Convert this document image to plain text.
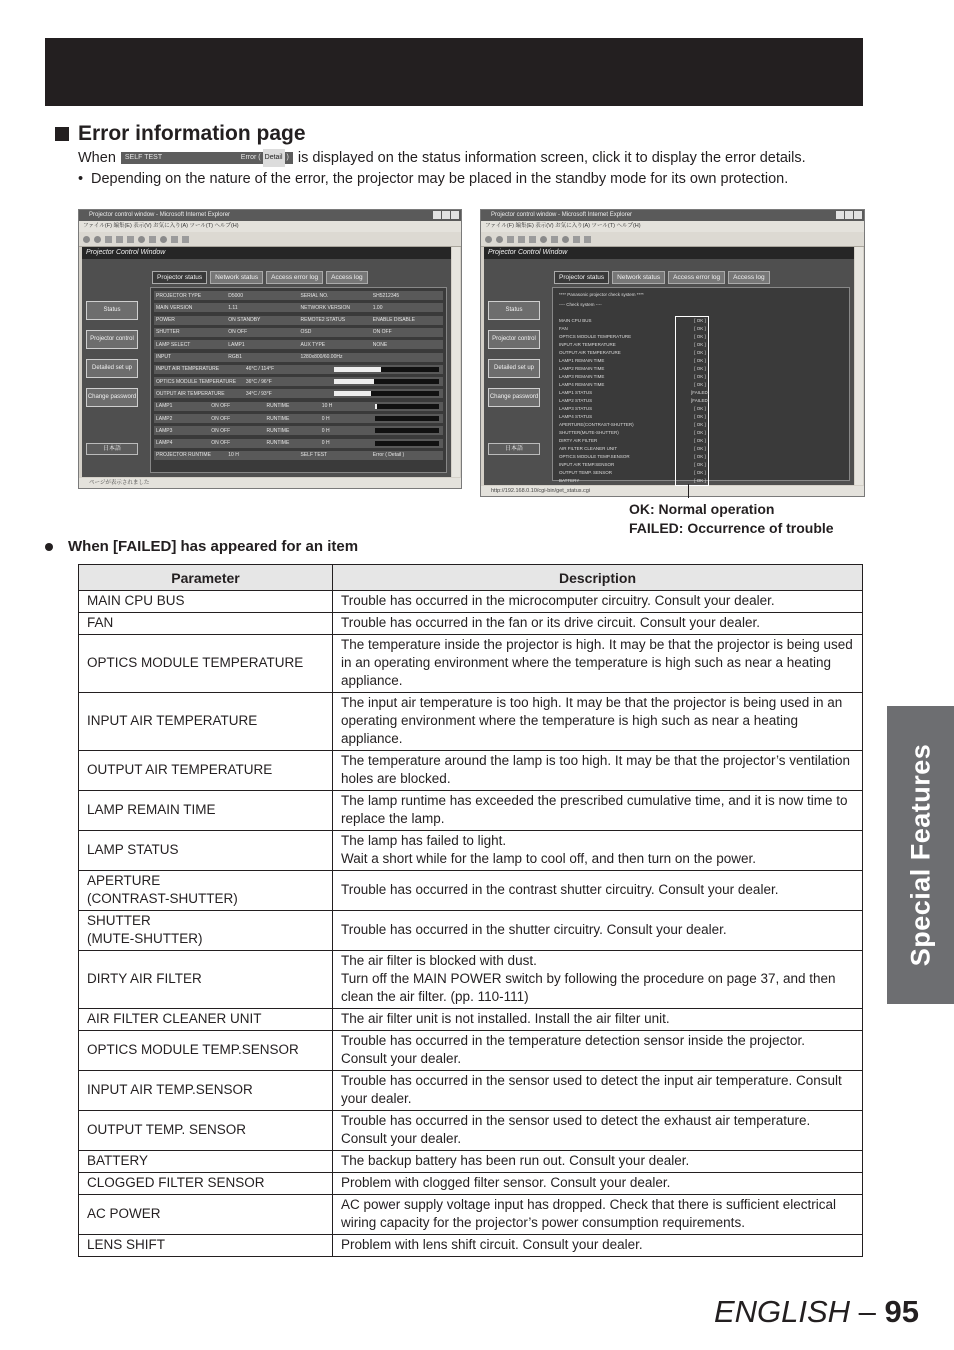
Error information page
When SELF TEST	Error ( Detail ) is displayed on the status information screen, click it to display the error details.
• Depending on the nature of the error, the projector may be placed in the standby mode for its own protection.
Projector control window - Microsoft Internet Explorer
ファイル(F) 編集(E) 表示(V) お気に入り(A) ツール(T) ヘルプ(H)
Projector Control Window
Projector status	Network status	Access error log	Access log
Status
Projector control
Detailed set up
Change password
日本語
PROJECTOR TYPE	D5000	SERIAL NO.	SH5212345
MAIN VERSION	1.11	NETWORK VERSION	1.00
POWER	ON STANDBY	REMOTE2 STATUS	ENABLE DISABLE
SHUTTER	ON OFF	OSD	ON OFF
LAMP SELECT	LAMP1	AUX TYPE	NONE
INPUT	RGB1	1280x800/60.00Hz
INPUT AIR TEMPERATURE	46°C / 114°F
OPTICS MODULE TEMPERATURE	36°C / 96°F
OUTPUT AIR TEMPERATURE	34°C / 93°F
LAMP1	ON OFF	RUNTIME	10 H
LAMP2	ON OFF	RUNTIME	0 H
LAMP3	ON OFF	RUNTIME	0 H
LAMP4	ON OFF	RUNTIME	0 H
PROJECTOR RUNTIME	10 H	SELF TEST	Error ( Detail )
ページが表示されました
Projector control window - Microsoft Internet Explorer
ファイル(F) 編集(E) 表示(V) お気に入り(A) ツール(T) ヘルプ(H)
Projector Control Window
Projector status	Network status	Access error log	Access log
Status
Projector control
Detailed set up
Change password
日本語
**** Panasonic projector check system ****
---- Check system ----
MAIN CPU BUS	[ OK ]
FAN	[ OK ]
OPTICS MODULE TEMPERATURE	[ OK ]
INPUT AIR TEMPERATURE	[ OK ]
OUTPUT AIR TEMPERATURE	[ OK ]
LAMP1 REMAIN TIME	[ OK ]
LAMP2 REMAIN TIME	[ OK ]
LAMP3 REMAIN TIME	[ OK ]
LAMP4 REMAIN TIME	[ OK ]
LAMP1 STATUS	[FAILED]
LAMP2 STATUS	[FAILED]
LAMP3 STATUS	[ OK ]
LAMP4 STATUS	[ OK ]
APERTURE(CONTRAST-SHUTTER)	[ OK ]
SHUTTER(MUTE-SHUTTER)	[ OK ]
DIRTY AIR FILTER	[ OK ]
AIR FILTER CLEANER UNIT	[ OK ]
OPTICS MODULE TEMP.SENSOR	[ OK ]
INPUT AIR TEMP.SENSOR	[ OK ]
OUTPUT TEMP. SENSOR	[ OK ]
BATTERY	[ OK ]
http://192.168.0.10/cgi-bin/get_status.cgi
OK: Normal operation
FAILED: Occurrence of trouble
When [FAILED] has appeared for an item
Parameter	Description
MAIN CPU BUS	Trouble has occurred in the microcomputer circuitry. Consult your dealer.
FAN	Trouble has occurred in the fan or its drive circuit. Consult your dealer.
OPTICS MODULE TEMPERATURE	The temperature inside the projector is high. It may be that the projector is being used in an operating environment where the temperature is high such as near a heating appliance.
INPUT AIR TEMPERATURE	The input air temperature is too high. It may be that the projector is being used in an operating environment where the temperature is high such as near a heating appliance.
OUTPUT AIR TEMPERATURE	The temperature around the lamp is too high. It may be that the projector’s ventilation holes are blocked.
LAMP REMAIN TIME	The lamp runtime has exceeded the prescribed cumulative time, and it is now time to replace the lamp.
LAMP STATUS	The lamp has failed to light.
Wait a short while for the lamp to cool off, and then turn on the power.
APERTURE
(CONTRAST-SHUTTER)	Trouble has occurred in the contrast shutter circuitry. Consult your dealer.
SHUTTER
(MUTE-SHUTTER)	Trouble has occurred in the shutter circuitry. Consult your dealer.
DIRTY AIR FILTER	The air filter is blocked with dust.
Turn off the MAIN POWER switch by following the procedure on page 37, and then clean the air filter. (pp. 110-111)
AIR FILTER CLEANER UNIT	The air filter unit is not installed. Install the air filter unit.
OPTICS MODULE TEMP.SENSOR	Trouble has occurred in the temperature detection sensor inside the projector. Consult your dealer.
INPUT AIR TEMP.SENSOR	Trouble has occurred in the sensor used to detect the input air temperature. Consult your dealer.
OUTPUT TEMP. SENSOR	Trouble has occurred in the sensor used to detect the exhaust air temperature. Consult your dealer.
BATTERY	The backup battery has been run out. Consult your dealer.
CLOGGED FILTER SENSOR	Problem with clogged filter sensor. Consult your dealer.
AC POWER	AC power supply voltage input has dropped. Check that there is sufficient electrical wiring capacity for the projector’s power consumption requirements.
LENS SHIFT	Problem with lens shift circuit. Consult your dealer.
Special Features
ENGLISH – 95
